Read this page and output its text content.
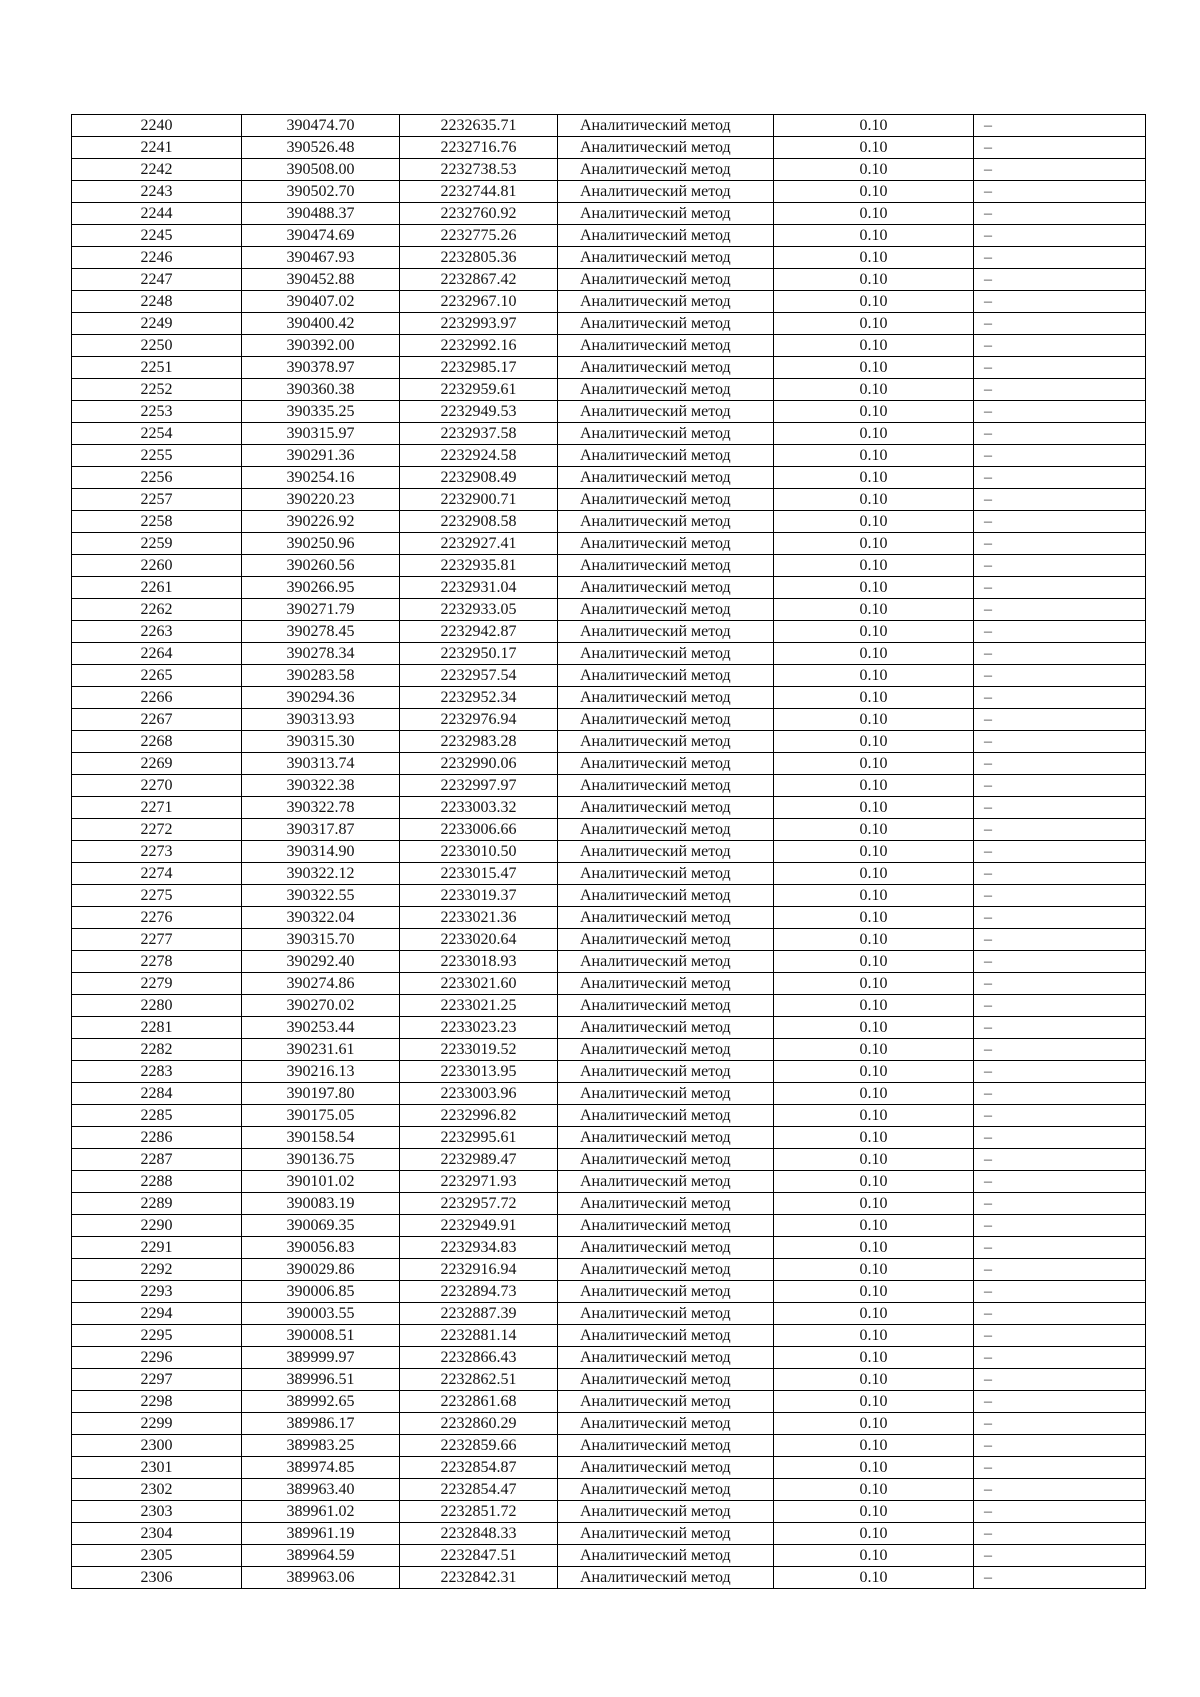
2240	390474.70	2232635.71	Аналитический метод	0.10	–
2241	390526.48	2232716.76	Аналитический метод	0.10	–
2242	390508.00	2232738.53	Аналитический метод	0.10	–
2243	390502.70	2232744.81	Аналитический метод	0.10	–
2244	390488.37	2232760.92	Аналитический метод	0.10	–
2245	390474.69	2232775.26	Аналитический метод	0.10	–
2246	390467.93	2232805.36	Аналитический метод	0.10	–
2247	390452.88	2232867.42	Аналитический метод	0.10	–
2248	390407.02	2232967.10	Аналитический метод	0.10	–
2249	390400.42	2232993.97	Аналитический метод	0.10	–
2250	390392.00	2232992.16	Аналитический метод	0.10	–
2251	390378.97	2232985.17	Аналитический метод	0.10	–
2252	390360.38	2232959.61	Аналитический метод	0.10	–
2253	390335.25	2232949.53	Аналитический метод	0.10	–
2254	390315.97	2232937.58	Аналитический метод	0.10	–
2255	390291.36	2232924.58	Аналитический метод	0.10	–
2256	390254.16	2232908.49	Аналитический метод	0.10	–
2257	390220.23	2232900.71	Аналитический метод	0.10	–
2258	390226.92	2232908.58	Аналитический метод	0.10	–
2259	390250.96	2232927.41	Аналитический метод	0.10	–
2260	390260.56	2232935.81	Аналитический метод	0.10	–
2261	390266.95	2232931.04	Аналитический метод	0.10	–
2262	390271.79	2232933.05	Аналитический метод	0.10	–
2263	390278.45	2232942.87	Аналитический метод	0.10	–
2264	390278.34	2232950.17	Аналитический метод	0.10	–
2265	390283.58	2232957.54	Аналитический метод	0.10	–
2266	390294.36	2232952.34	Аналитический метод	0.10	–
2267	390313.93	2232976.94	Аналитический метод	0.10	–
2268	390315.30	2232983.28	Аналитический метод	0.10	–
2269	390313.74	2232990.06	Аналитический метод	0.10	–
2270	390322.38	2232997.97	Аналитический метод	0.10	–
2271	390322.78	2233003.32	Аналитический метод	0.10	–
2272	390317.87	2233006.66	Аналитический метод	0.10	–
2273	390314.90	2233010.50	Аналитический метод	0.10	–
2274	390322.12	2233015.47	Аналитический метод	0.10	–
2275	390322.55	2233019.37	Аналитический метод	0.10	–
2276	390322.04	2233021.36	Аналитический метод	0.10	–
2277	390315.70	2233020.64	Аналитический метод	0.10	–
2278	390292.40	2233018.93	Аналитический метод	0.10	–
2279	390274.86	2233021.60	Аналитический метод	0.10	–
2280	390270.02	2233021.25	Аналитический метод	0.10	–
2281	390253.44	2233023.23	Аналитический метод	0.10	–
2282	390231.61	2233019.52	Аналитический метод	0.10	–
2283	390216.13	2233013.95	Аналитический метод	0.10	–
2284	390197.80	2233003.96	Аналитический метод	0.10	–
2285	390175.05	2232996.82	Аналитический метод	0.10	–
2286	390158.54	2232995.61	Аналитический метод	0.10	–
2287	390136.75	2232989.47	Аналитический метод	0.10	–
2288	390101.02	2232971.93	Аналитический метод	0.10	–
2289	390083.19	2232957.72	Аналитический метод	0.10	–
2290	390069.35	2232949.91	Аналитический метод	0.10	–
2291	390056.83	2232934.83	Аналитический метод	0.10	–
2292	390029.86	2232916.94	Аналитический метод	0.10	–
2293	390006.85	2232894.73	Аналитический метод	0.10	–
2294	390003.55	2232887.39	Аналитический метод	0.10	–
2295	390008.51	2232881.14	Аналитический метод	0.10	–
2296	389999.97	2232866.43	Аналитический метод	0.10	–
2297	389996.51	2232862.51	Аналитический метод	0.10	–
2298	389992.65	2232861.68	Аналитический метод	0.10	–
2299	389986.17	2232860.29	Аналитический метод	0.10	–
2300	389983.25	2232859.66	Аналитический метод	0.10	–
2301	389974.85	2232854.87	Аналитический метод	0.10	–
2302	389963.40	2232854.47	Аналитический метод	0.10	–
2303	389961.02	2232851.72	Аналитический метод	0.10	–
2304	389961.19	2232848.33	Аналитический метод	0.10	–
2305	389964.59	2232847.51	Аналитический метод	0.10	–
2306	389963.06	2232842.31	Аналитический метод	0.10	–
